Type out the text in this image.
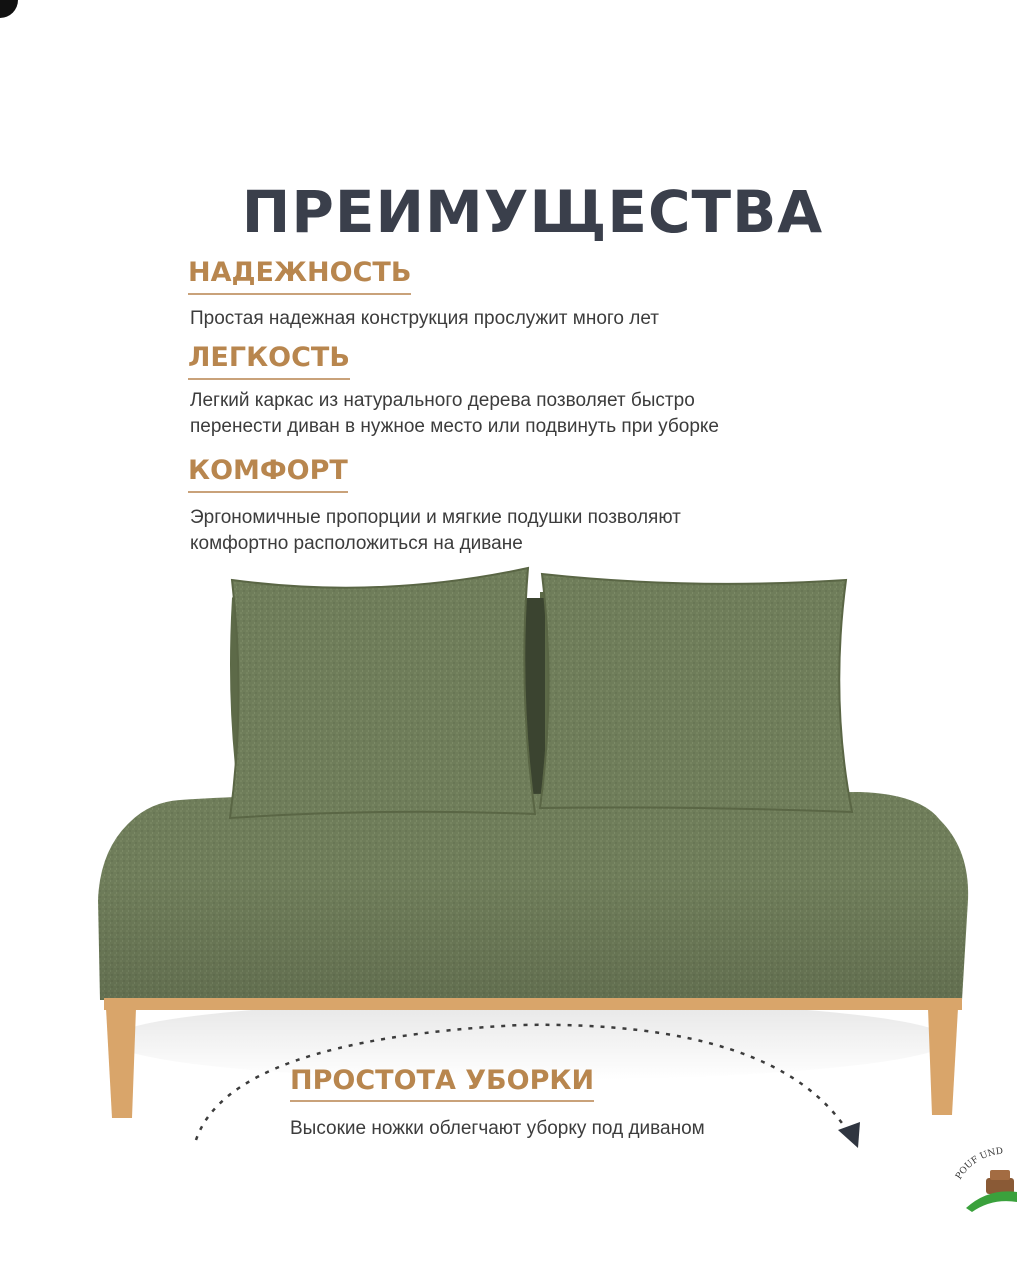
ПРЕИМУЩЕСТВА
НАДЕЖНОСТЬ
Простая надежная конструкция прослужит много лет
ЛЕГКОСТЬ
Легкий каркас из натурального дерева позволяет быстро
перенести диван в нужное место или подвинуть при уборке
КОМФОРТ
Эргономичные пропорции и мягкие подушки позволяют
комфортно расположиться на диване
ПРОСТОТА УБОРКИ
Высокие ножки облегчают уборку под диваном
POUF UND
